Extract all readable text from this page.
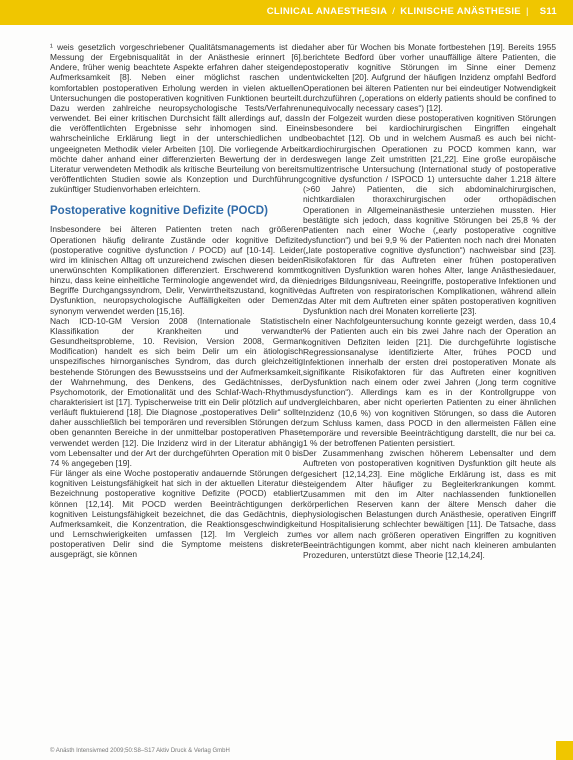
CLINICAL ANAESTHESIA / KLINISCHE ANÄSTHESIE | S11

¹ weis gesetzlich vorgeschriebener Qualitätsmanagements ist die Messung der Ergebnisqualität in der Anästhesie erinnert [6]. Andere, früher wenig beachtete Aspekte erfahren daher steigende Aufmerksamkeit [8]. Neben einer möglichst raschen und komfortablen postoperativen Erholung werden in vielen aktuellen Untersuchungen die postoperativen kognitiven Funktionen beurteilt. Dazu werden zahlreiche neuropsychologische Tests/Verfahren verwendet. Bei einer kritischen Durchsicht fällt allerdings auf, dass die veröffentlichten Ergebnisse sehr inhomogen sind. Eine wahrscheinliche Erklärung liegt in der unterschiedlichen und ungeeigneten Methodik vieler Arbeiten [10]. Die vorliegende Arbeit möchte daher anhand einer differenzierten Bewertung der in der Literatur verwendeten Methodik als kritische Beurteilung von bereits veröffentlichten Studien sowie als Konzeption und Durchführung zukünftiger Studienvorhaben erleichtern.

Postoperative kognitive Defizite (POCD)

Insbesondere bei älteren Patienten treten nach größeren Operationen häufig delirante Zustände oder kognitive Defizite (postoperative cognitive dysfunction / POCD) auf [10-14]. Leider wird im klinischen Alltag oft unzureichend zwischen diesen beiden unerwünschten Komplikationen differenziert. Erschwerend kommt hinzu, dass keine einheitliche Terminologie angewendet wird, da die Begriffe Durchgangssyndrom, Delir, Verwirrtheitszustand, kognitive Dysfunktion, neuropsychologische Auffälligkeiten oder Demenz synonym verwendet werden [15,16].

Nach ICD-10-GM Version 2008 (Internationale Statistische Klassifikation der Krankheiten und verwandter Gesundheitsprobleme, 10. Revision, Version 2008, German Modification) handelt es sich beim Delir um ein ätiologisch unspezifisches hirnorganisches Syndrom, das durch gleichzeitig bestehende Störungen des Bewusstseins und der Aufmerksamkeit, der Wahrnehmung, des Denkens, des Gedächtnisses, der Psychomotorik, der Emotionalität und des Schlaf-Wach-Rhythmus charakterisiert ist [17]. Typischerweise tritt ein Delir plötzlich auf und verläuft fluktuierend [18]. Die Diagnose „postoperatives Delir“ sollte daher ausschließlich bei temporären und reversiblen Störungen der oben genannten Bereiche in der unmittelbar postoperativen Phase verwendet werden [12]. Die Inzidenz wird in der Literatur abhängig vom Lebensalter und der Art der durchgeführten Operation mit 0 bis 74 % angegeben [19].

Für länger als eine Woche postoperativ andauernde Störungen der kognitiven Leistungsfähigkeit hat sich in der aktuellen Literatur die Bezeichnung postoperative kognitive Defizite (POCD) etabliert können [12,14]. Mit POCD werden Beeinträchtigungen der kognitiven Leistungsfähigkeit bezeichnet, die das Gedächtnis, die Aufmerksamkeit, die Konzentration, die Reaktionsgeschwindigkeit und Lernschwierigkeiten umfassen [12]. Im Vergleich zum postoperativen Delir sind die Symptome meistens diskreter ausgeprägt, sie können

daher aber für Wochen bis Monate fortbestehen [19]. Bereits 1955 berichtete Bedford über vorher unauffällige ältere Patienten, die postoperativ kognitive Störungen im Sinne einer Demenz entwickelten [20]. Aufgrund der häufigen Inzidenz ompfahl Bedford Operationen bei älteren Patienten nur bei eindeutiger Notwendigkeit durchzuführen („operations on elderly patients should be confined to unequivocally necessary cases“) [12].

In der Folgezeit wurden diese postoperativen kognitiven Störungen insbesondere bei kardiochirurgischen Eingriffen eingehalt beobachtet [12]. Ob und in welchem Ausmaß es auch bei nicht-kardiochirurgischen Operationen zu POCD kommen kann, war deswegen lange Zeit umstritten [21,22]. Eine große europäische multizentrische Untersuchung (International study of postoperative cognitive dysfunction / ISPOCD 1) untersuchte daher 1.218 ältere (>60 Jahre) Patienten, die sich abdominalchirurgischen, nichtkardialen thoraxchirurgischen oder orthopädischen Operationen in Allgemeinanästhesie unterziehen mussten. Hier bestätigte sich jedoch, dass kognitive Störungen bei 25,8 % der Patienten nach einer Woche („early postoperative cognitive dysfunction“) und bei 9,9 % der Patienten noch nach drei Monaten („late postoperative cognitive dysfunction“) nachweisbar sind [23]. Risikofaktoren für das Auftreten einer frühen postoperativen kognitiven Dysfunktion waren hohes Alter, lange Anästhesiedauer, niedriges Bildungsniveau, Reeingriffe, postoperative Infektionen und das Auftreten von respiratorischen Komplikationen, während allein das Alter mit dem Auftreten einer späten postoperativen kognitiven Dysfunktion nach drei Monaten korrelierte [23].

In einer Nachfolgeuntersuchung konnte gezeigt werden, dass 10,4 % der Patienten auch ein bis zwei Jahre nach der Operation an kognitiven Defiziten leiden [21]. Die durchgeführte logistische Regressionsanalyse identifizierte Alter, frühes POCD und Infektionen innerhalb der ersten drei postoperativen Monate als signifikante Risikofaktoren für das Auftreten einer kognitiven Dysfunktion nach einem oder zwei Jahren („long term cognitive dysfunction“). Allerdings kam es in der Kontrollgruppe von vergleichbaren, aber nicht operierten Patienten zu einer ähnlichen Inzidenz (10,6 %) von kognitiven Störungen, so dass die Autoren zum Schluss kamen, dass POCD in den allermeisten Fällen eine temporäre und reversible Beeinträchtigung darstellt, die nur bei ca. 1 % der betroffenen Patienten persistiert.

Der Zusammenhang zwischen höherem Lebensalter und dem Auftreten von postoperativen kognitiven Dysfunktion gilt heute als gesichert [12,14,23]. Eine mögliche Erklärung ist, dass es mit steigendem Alter häufiger zu Begleiterkrankungen kommt. Zusammen mit den im Alter nachlassenden funktionellen körperlichen Reserven kann der ältere Mensch daher die physiologischen Belastungen durch Anästhesie, operativen Eingriff und Hospitalisierung schlechter bewältigen [11]. De Tatsache, dass es vor allem nach größeren operativen Eingriffen zu kognitiven Beeinträchtigungen kommt, aber nicht nach kleineren ambulanten Prozeduren, unterstützt diese Theorie [12,14,24].

© Anästh Intensivmed 2009;50:S8–S17 Aktiv Druck & Verlag GmbH
